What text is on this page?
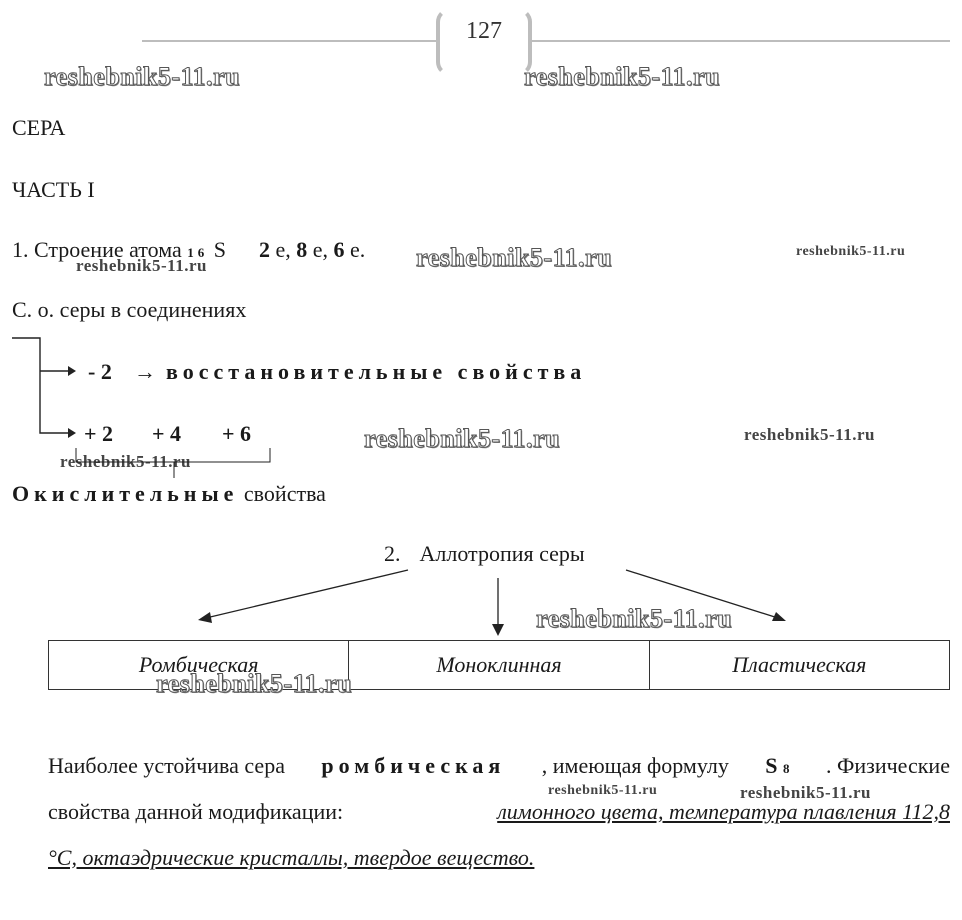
127
reshebnik5-11.ru	reshebnik5-11.ru
reshebnik5-11.ru	reshebnik5-11.ru
reshebnik5-11.ru
reshebnik5-11.ru	reshebnik5-11.ru
reshebnik5-11.ru
reshebnik5-11.ru
reshebnik5-11.ru
reshebnik5-11.ru	reshebnik5-11.ru
СЕРА
ЧАСТЬ I
1. Строение атома 16 S 2 е, 8 е, 6 е.
С. о. серы в соединениях
- 2 → восстановительные свойства
+ 2 + 4 + 6
Окислительные свойства
2. Аллотропия серы
Ромбическая	Моноклинная	Пластическая
Наиболее устойчива сера ромбическая , имеющая формулу S 8 . Физические
свойства данной модификации:	лимонного цвета, температура плавления 112,8
°С, октаэдрические кристаллы, твердое вещество.
